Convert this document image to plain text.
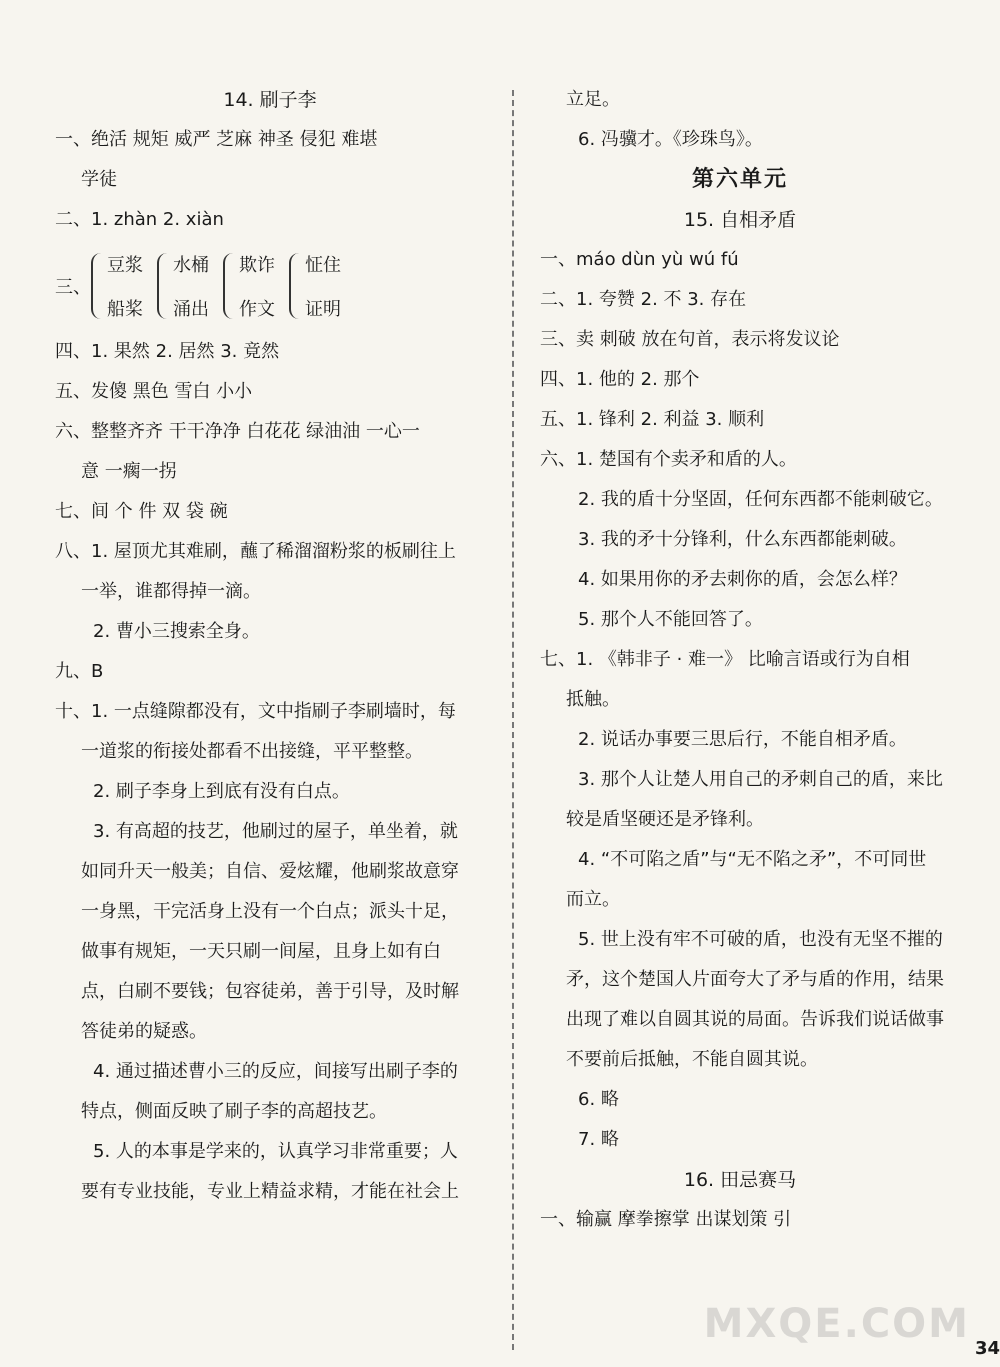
14. 刷子李
一、绝活 规矩 威严 芝麻 神圣 侵犯 难堪
学徒
二、1. zhàn 2. xiàn
三、
豆浆
船桨
水桶
涌出
欺诈
作文
怔住
证明
四、1. 果然 2. 居然 3. 竟然
五、发傻 黑色 雪白 小小
六、整整齐齐 干干净净 白花花 绿油油 一心一
意 一瘸一拐
七、间 个 件 双 袋 碗
八、1. 屋顶尤其难刷，蘸了稀溜溜粉浆的板刷往上
一举，谁都得掉一滴。
2. 曹小三搜索全身。
九、B
十、1. 一点缝隙都没有，文中指刷子李刷墙时，每
一道浆的衔接处都看不出接缝，平平整整。
2. 刷子李身上到底有没有白点。
3. 有高超的技艺，他刷过的屋子，单坐着，就
如同升天一般美；自信、爱炫耀，他刷浆故意穿
一身黑，干完活身上没有一个白点；派头十足，
做事有规矩，一天只刷一间屋，且身上如有白
点，白刷不要钱；包容徒弟，善于引导，及时解
答徒弟的疑惑。
4. 通过描述曹小三的反应，间接写出刷子李的
特点，侧面反映了刷子李的高超技艺。
5. 人的本事是学来的，认真学习非常重要；人
要有专业技能，专业上精益求精，才能在社会上
立足。
6. 冯骥才。《珍珠鸟》。
第六单元
15. 自相矛盾
一、máo dùn yù wú fú
二、1. 夸赞 2. 不 3. 存在
三、卖 刺破 放在句首，表示将发议论
四、1. 他的 2. 那个
五、1. 锋利 2. 利益 3. 顺利
六、1. 楚国有个卖矛和盾的人。
2. 我的盾十分坚固，任何东西都不能刺破它。
3. 我的矛十分锋利，什么东西都能刺破。
4. 如果用你的矛去刺你的盾，会怎么样？
5. 那个人不能回答了。
七、1. 《韩非子 · 难一》 比喻言语或行为自相
抵触。
2. 说话办事要三思后行，不能自相矛盾。
3. 那个人让楚人用自己的矛刺自己的盾，来比
较是盾坚硬还是矛锋利。
4. “不可陷之盾”与“无不陷之矛”，不可同世
而立。
5. 世上没有牢不可破的盾，也没有无坚不摧的
矛，这个楚国人片面夸大了矛与盾的作用，结果
出现了难以自圆其说的局面。告诉我们说话做事
不要前后抵触，不能自圆其说。
6. 略
7. 略
16. 田忌赛马
一、输赢 摩拳擦掌 出谋划策 引
MXQE.COM
34
